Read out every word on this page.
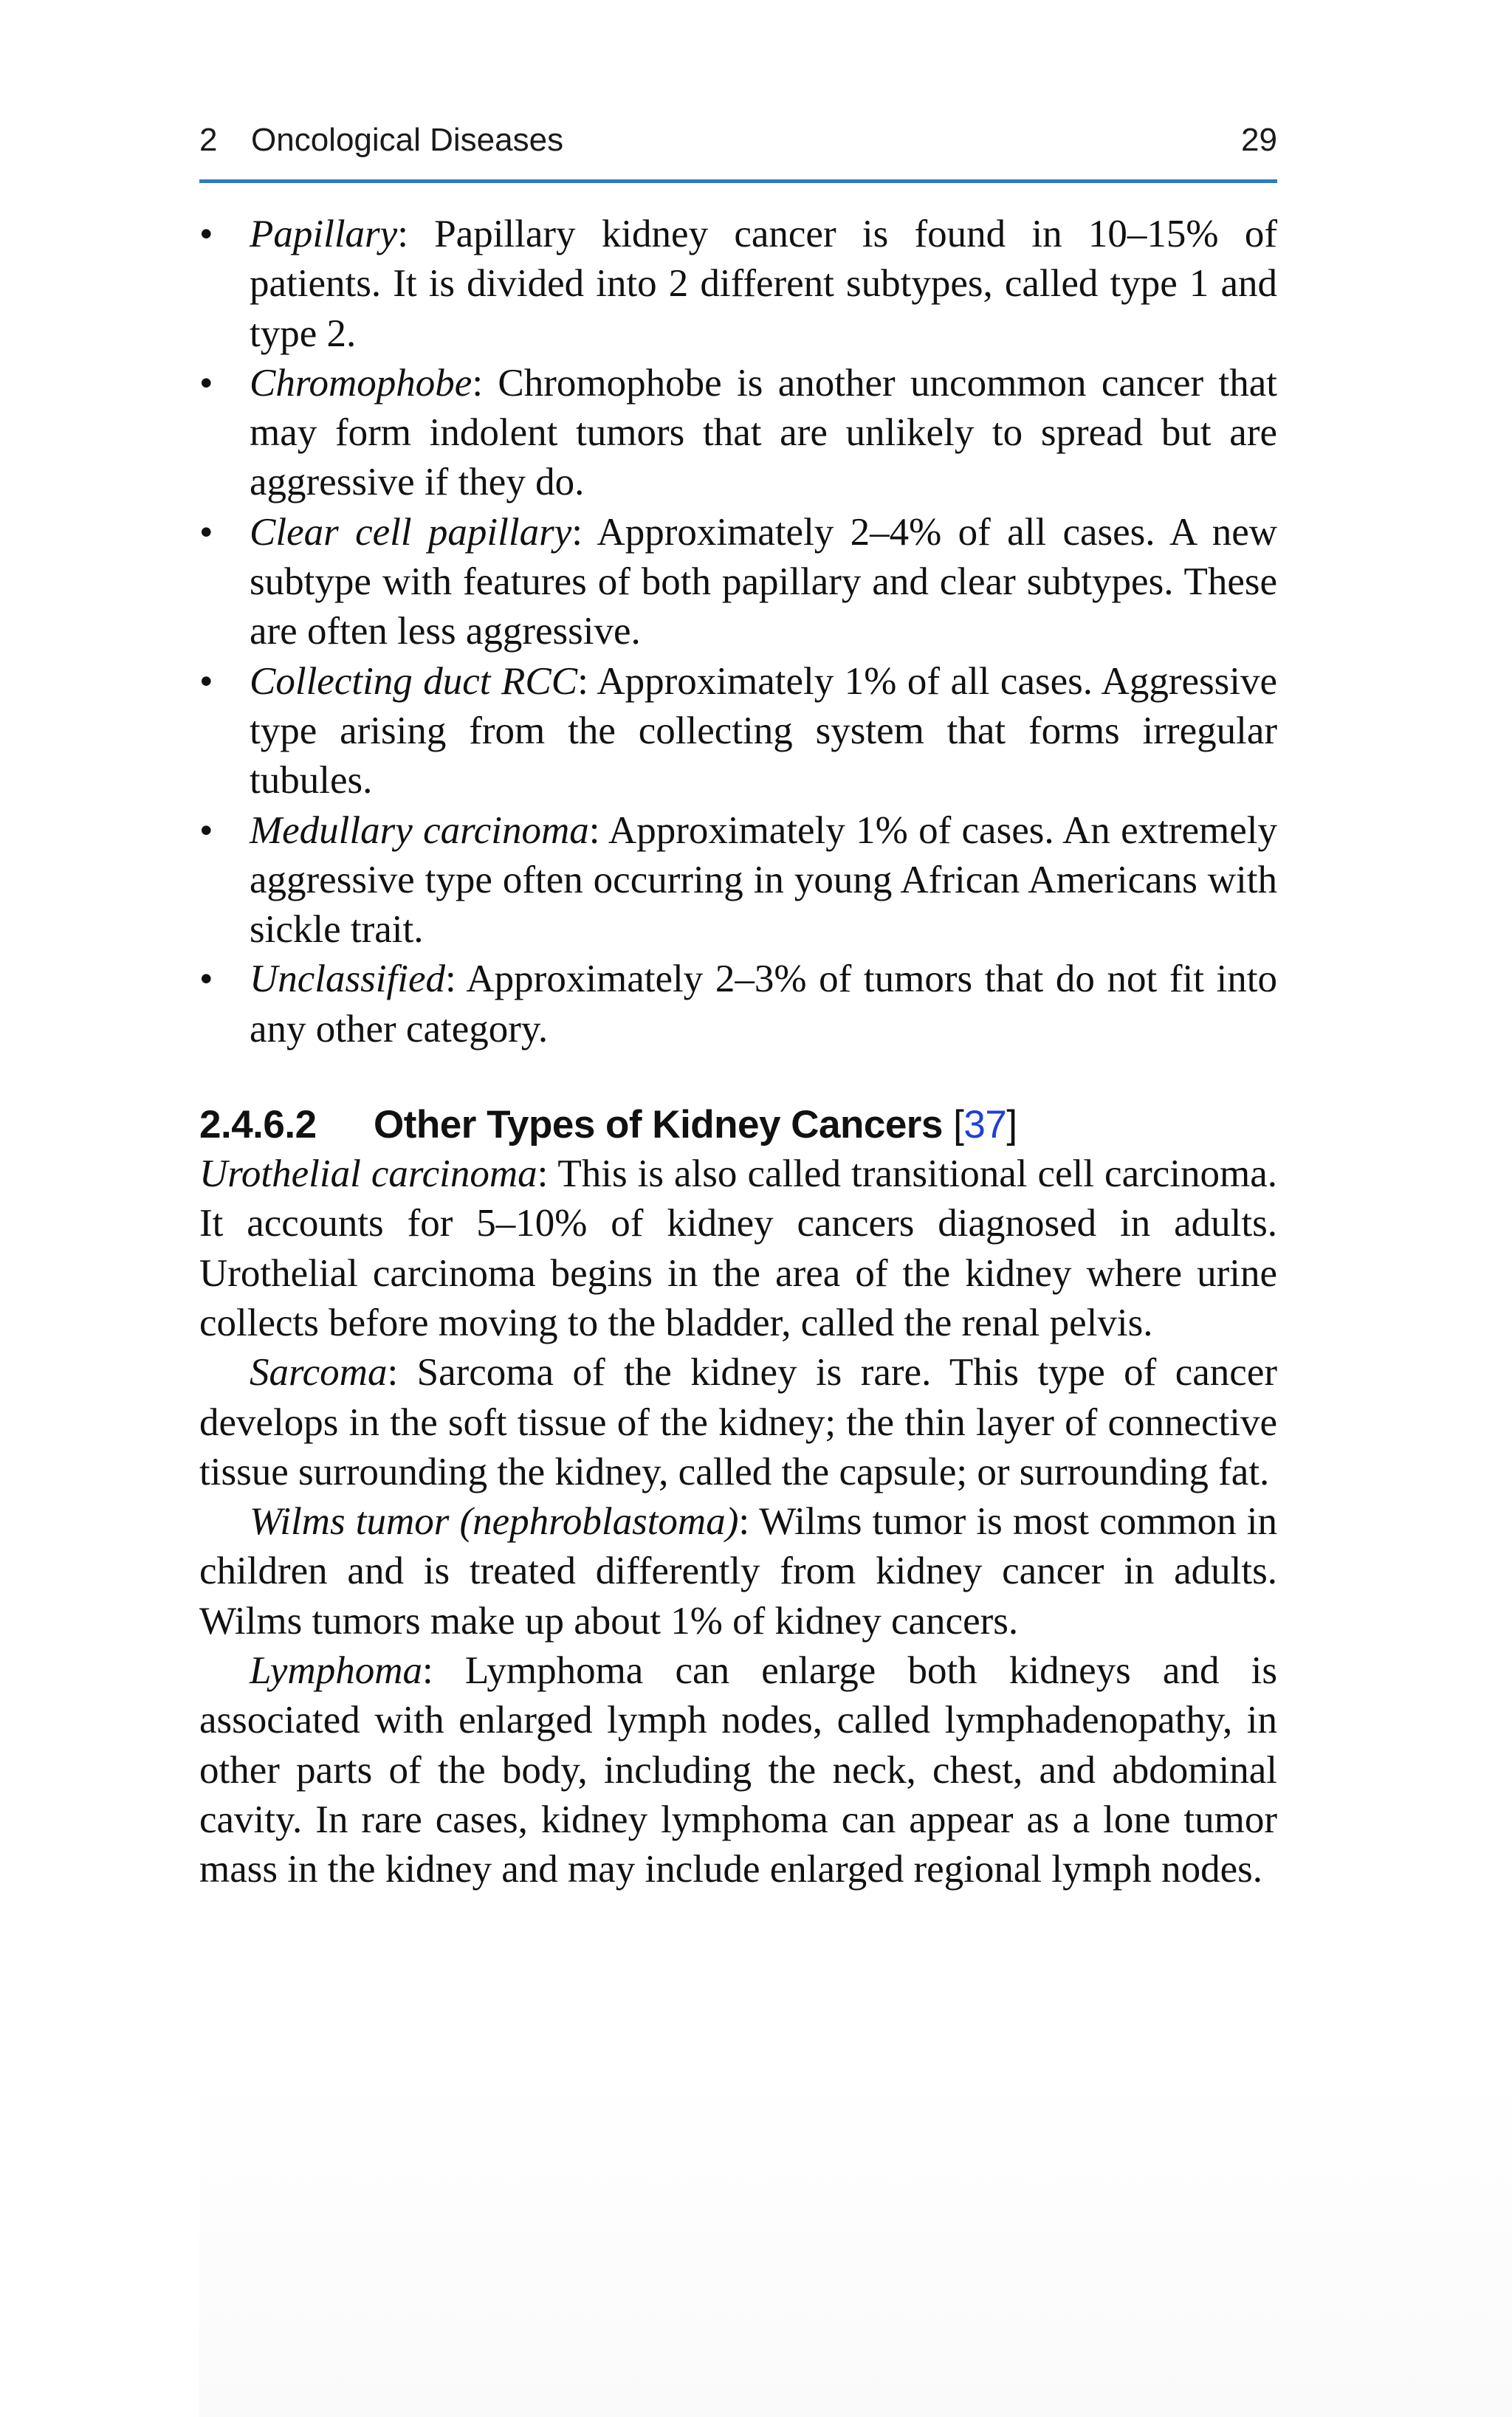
2 Oncological Diseases	29
• Papillary: Papillary kidney cancer is found in 10–15% of patients. It is divided into 2 different subtypes, called type 1 and type 2.
• Chromophobe: Chromophobe is another uncommon cancer that may form indolent tumors that are unlikely to spread but are aggressive if they do.
• Clear cell papillary: Approximately 2–4% of all cases. A new subtype with features of both papillary and clear subtypes. These are often less aggressive.
• Collecting duct RCC: Approximately 1% of all cases. Aggressive type arising from the collecting system that forms irregular tubules.
• Medullary carcinoma: Approximately 1% of cases. An extremely aggressive type often occurring in young African Americans with sickle trait.
• Unclassified: Approximately 2–3% of tumors that do not fit into any other category.
2.4.6.2 Other Types of Kidney Cancers [37]

Urothelial carcinoma: This is also called transitional cell carcinoma. It accounts for 5–10% of kidney cancers diagnosed in adults. Urothelial carcinoma begins in the area of the kidney where urine collects before moving to the bladder, called the renal pelvis.

Sarcoma: Sarcoma of the kidney is rare. This type of cancer develops in the soft tissue of the kidney; the thin layer of connective tissue surrounding the kidney, called the capsule; or surrounding fat.

Wilms tumor (nephroblastoma): Wilms tumor is most common in children and is treated differently from kidney cancer in adults. Wilms tumors make up about 1% of kidney cancers.

Lymphoma: Lymphoma can enlarge both kidneys and is associated with enlarged lymph nodes, called lymphadenopathy, in other parts of the body, including the neck, chest, and abdominal cavity. In rare cases, kidney lymphoma can appear as a lone tumor mass in the kidney and may include enlarged regional lymph nodes.
